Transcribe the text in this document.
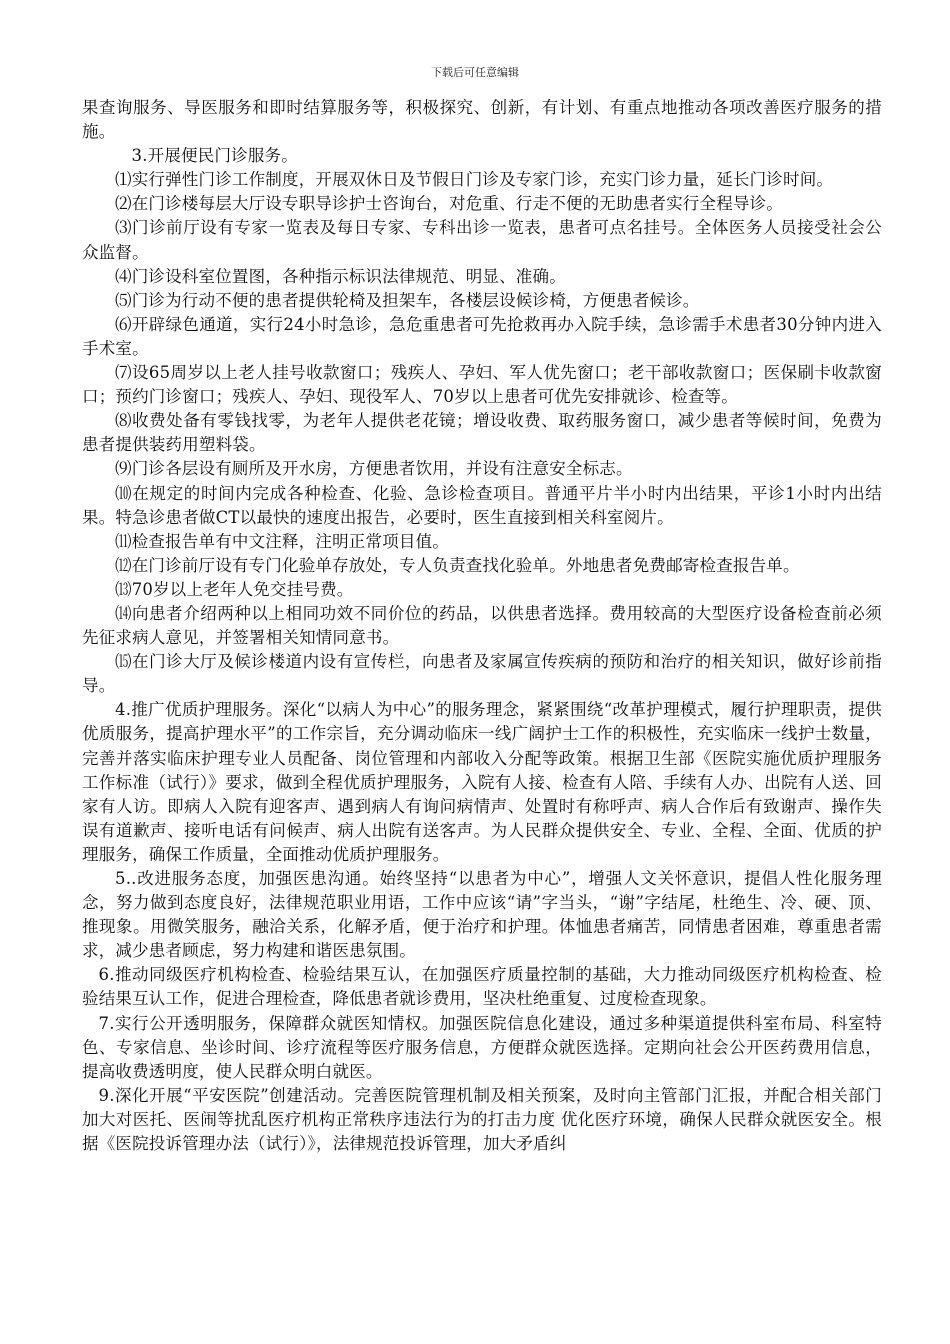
下载后可任意编辑

果查询服务、导医服务和即时结算服务等，积极探究、创新，有计划、有重点地推动各项改善医疗服务的措施。

3.开展便民门诊服务。

⑴实行弹性门诊工作制度，开展双休日及节假日门诊及专家门诊，充实门诊力量，延长门诊时间。

⑵在门诊楼每层大厅设专职导诊护士咨询台，对危重、行走不便的无助患者实行全程导诊。

⑶门诊前厅设有专家一览表及每日专家、专科出诊一览表，患者可点名挂号。全体医务人员接受社会公众监督。

⑷门诊设科室位置图，各种指示标识法律规范、明显、准确。

⑸门诊为行动不便的患者提供轮椅及担架车，各楼层设候诊椅，方便患者候诊。

⑹开辟绿色通道，实行24小时急诊，急危重患者可先抢救再办入院手续，急诊需手术患者30分钟内进入手术室。

⑺设65周岁以上老人挂号收款窗口；残疾人、孕妇、军人优先窗口；老干部收款窗口；医保刷卡收款窗口；预约门诊窗口；残疾人、孕妇、现役军人、70岁以上患者可优先安排就诊、检查等。

⑻收费处备有零钱找零，为老年人提供老花镜；增设收费、取药服务窗口，减少患者等候时间，免费为患者提供装药用塑料袋。

⑼门诊各层设有厕所及开水房，方便患者饮用，并设有注意安全标志。

⑽在规定的时间内完成各种检查、化验、急诊检查项目。普通平片半小时内出结果，平诊1小时内出结果。特急诊患者做CT以最快的速度出报告，必要时，医生直接到相关科室阅片。

⑾检查报告单有中文注释，注明正常项目值。

⑿在门诊前厅设有专门化验单存放处，专人负责查找化验单。外地患者免费邮寄检查报告单。

⒀70岁以上老年人免交挂号费。

⒁向患者介绍两种以上相同功效不同价位的药品，以供患者选择。费用较高的大型医疗设备检查前必须先征求病人意见，并签署相关知情同意书。

⒂在门诊大厅及候诊楼道内设有宣传栏，向患者及家属宣传疾病的预防和治疗的相关知识，做好诊前指导。

4.推广优质护理服务。深化“以病人为中心”的服务理念，紧紧围绕“改革护理模式，履行护理职责，提供优质服务，提高护理水平”的工作宗旨，充分调动临床一线广阔护士工作的积极性，充实临床一线护士数量，完善并落实临床护理专业人员配备、岗位管理和内部收入分配等政策。根据卫生部《医院实施优质护理服务工作标准（试行）》要求，做到全程优质护理服务，入院有人接、检查有人陪、手续有人办、出院有人送、回家有人访。即病人入院有迎客声、遇到病人有询问病情声、处置时有称呼声、病人合作后有致谢声、操作失误有道歉声、接听电话有问候声、病人出院有送客声。为人民群众提供安全、专业、全程、全面、优质的护理服务，确保工作质量，全面推动优质护理服务。

5..改进服务态度，加强医患沟通。始终坚持“以患者为中心”，增强人文关怀意识，提倡人性化服务理念，努力做到态度良好，法律规范职业用语，工作中应该“请”字当头，“谢”字结尾，杜绝生、冷、硬、顶、推现象。用微笑服务，融洽关系，化解矛盾，便于治疗和护理。体恤患者痛苦，同情患者困难，尊重患者需求，减少患者顾虑，努力构建和谐医患氛围。

6.推动同级医疗机构检查、检验结果互认，在加强医疗质量控制的基础，大力推动同级医疗机构检查、检验结果互认工作，促进合理检查，降低患者就诊费用，坚决杜绝重复、过度检查现象。

7.实行公开透明服务，保障群众就医知情权。加强医院信息化建设，通过多种渠道提供科室布局、科室特色、专家信息、坐诊时间、诊疗流程等医疗服务信息，方便群众就医选择。定期向社会公开医药费用信息，提高收费透明度，使人民群众明白就医。

9.深化开展“平安医院”创建活动。完善医院管理机制及相关预案，及时向主管部门汇报，并配合相关部门加大对医托、医闹等扰乱医疗机构正常秩序违法行为的打击力度 优化医疗环境，确保人民群众就医安全。根据《医院投诉管理办法（试行）》，法律规范投诉管理，加大矛盾纠
